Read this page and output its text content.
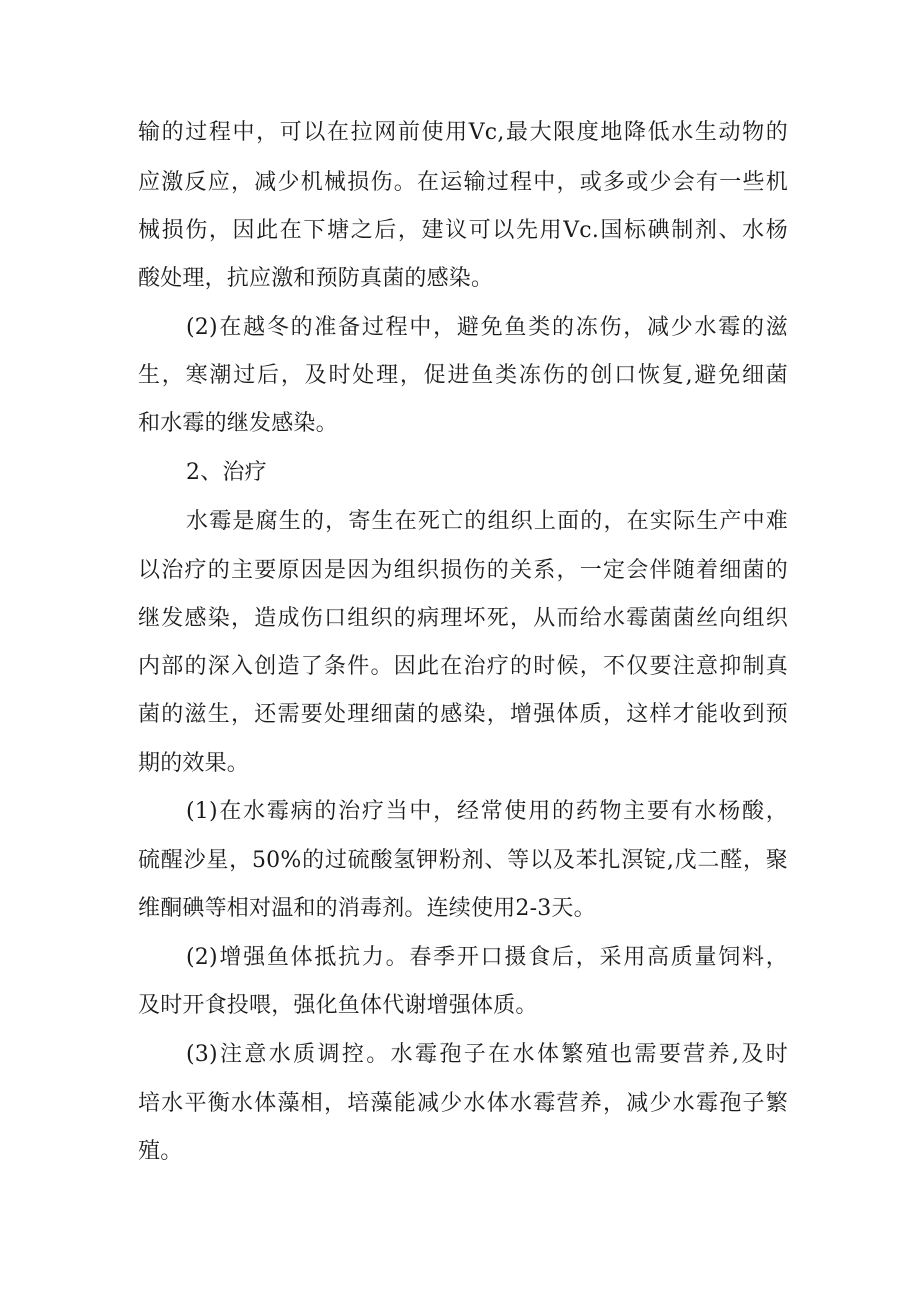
输的过程中，可以在拉网前使用Vc,最大限度地降低水生动物的
应激反应，减少机械损伤。在运输过程中，或多或少会有一些机
械损伤，因此在下塘之后，建议可以先用Vc.国标碘制剂、水杨
酸处理，抗应激和预防真菌的感染。
(2)在越冬的准备过程中，避免鱼类的冻伤，减少水霉的滋
生，寒潮过后，及时处理，促进鱼类冻伤的创口恢复,避免细菌
和水霉的继发感染。
2、治疗
水霉是腐生的，寄生在死亡的组织上面的，在实际生产中难
以治疗的主要原因是因为组织损伤的关系，一定会伴随着细菌的
继发感染，造成伤口组织的病理坏死，从而给水霉菌菌丝向组织
内部的深入创造了条件。因此在治疗的时候，不仅要注意抑制真
菌的滋生，还需要处理细菌的感染，增强体质，这样才能收到预
期的效果。
(1)在水霉病的治疗当中，经常使用的药物主要有水杨酸，
硫醒沙星，50%的过硫酸氢钾粉剂、等以及苯扎溟锭,戊二醛，聚
维酮碘等相对温和的消毒剂。连续使用2-3天。
(2)增强鱼体抵抗力。春季开口摄食后，采用高质量饲料，
及时开食投喂，强化鱼体代谢增强体质。
(3)注意水质调控。水霉孢子在水体繁殖也需要营养,及时
培水平衡水体藻相，培藻能减少水体水霉营养，减少水霉孢子繁
殖。
